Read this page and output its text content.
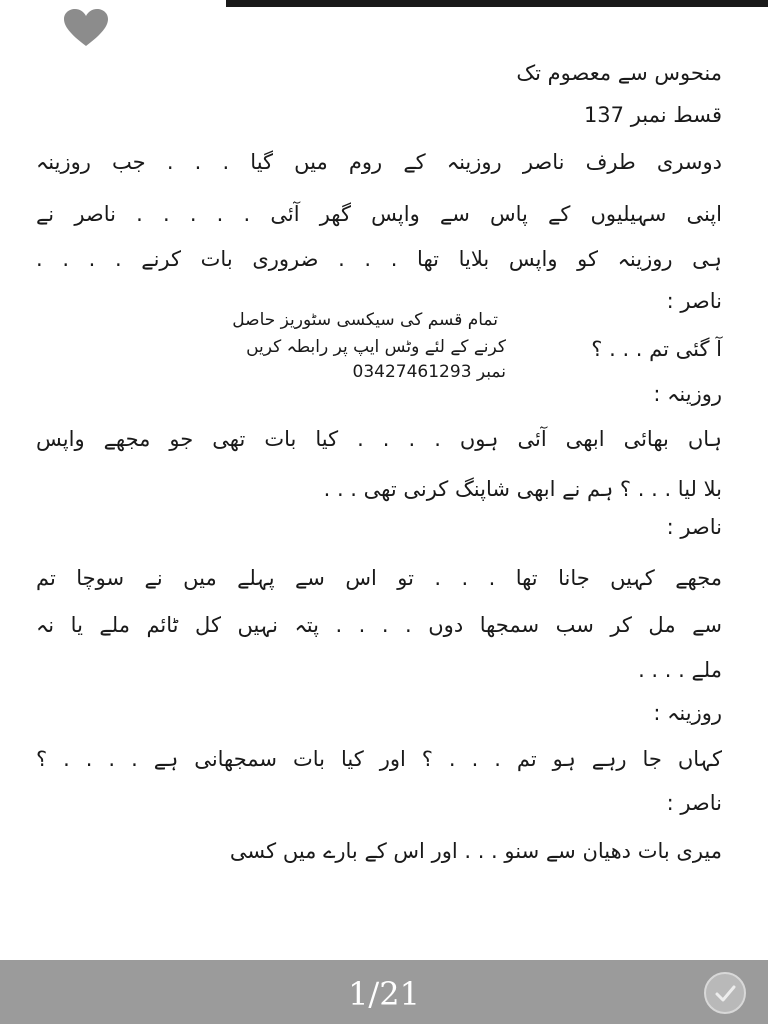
منحوس سے معصوم تک
قسط نمبر 137
دوسری طرف ناصر روزینہ کے روم میں گیا . . . جب روزینہ
اپنی سہیلیوں کے پاس سے واپس گھر آئی . . . . . ناصر نے
ہی روزینہ کو واپس بلایا تھا . . . ضروری بات کرنے . . . .
ناصر :
آ گئی تم . . . ؟
روزینہ :
ہاں بھائی ابھی آئی ہوں . . . . کیا بات تھی جو مجھے واپس
بلا لیا . . . ؟ ہم نے ابھی شاپنگ کرنی تھی . . .
ناصر :
مجھے کہیں جانا تھا . . . تو اس سے پہلے میں نے سوچا تم
سے مل کر سب سمجھا دوں . . . . پتہ نہیں کل ٹائم ملے یا نہ
ملے . . . .
روزینہ :
کہاں جا رہے ہو تم . . . ؟ اور کیا بات سمجھانی ہے . . . . ؟
ناصر :
میری بات دھیان سے سنو . . . اور اس کے بارے میں کسی
تمام قسم کی سیکسی سٹوریز حاصل
کرنے کے لئے وٹس ایپ پر رابطہ کریں
نمبر 03427461293
1/21
